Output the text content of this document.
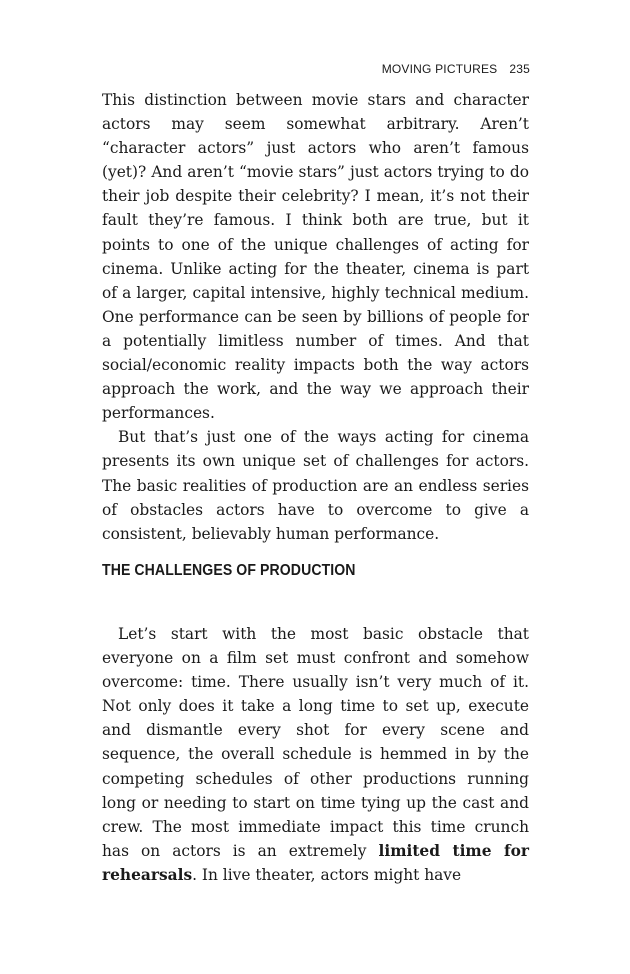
MOVING PICTURES 235

This distinction between movie stars and character actors may seem somewhat arbitrary. Aren’t “character actors” just actors who aren’t famous (yet)? And aren’t “movie stars” just actors trying to do their job despite their celebrity? I mean, it’s not their fault they’re famous. I think both are true, but it points to one of the unique challenges of acting for cinema. Unlike acting for the theater, cinema is part of a larger, capital intensive, highly technical medium. One performance can be seen by billions of people for a potentially limitless number of times. And that social/economic reality impacts both the way actors approach the work, and the way we approach their performances.

But that’s just one of the ways acting for cinema presents its own unique set of challenges for actors. The basic realities of production are an endless series of obstacles actors have to overcome to give a consistent, believably human performance.

THE CHALLENGES OF PRODUCTION

Let’s start with the most basic obstacle that everyone on a film set must confront and somehow overcome: time. There usually isn’t very much of it. Not only does it take a long time to set up, execute and dismantle every shot for every scene and sequence, the overall schedule is hemmed in by the competing schedules of other productions running long or needing to start on time tying up the cast and crew. The most immediate impact this time crunch has on actors is an extremely limited time for rehearsals. In live theater, actors might have
